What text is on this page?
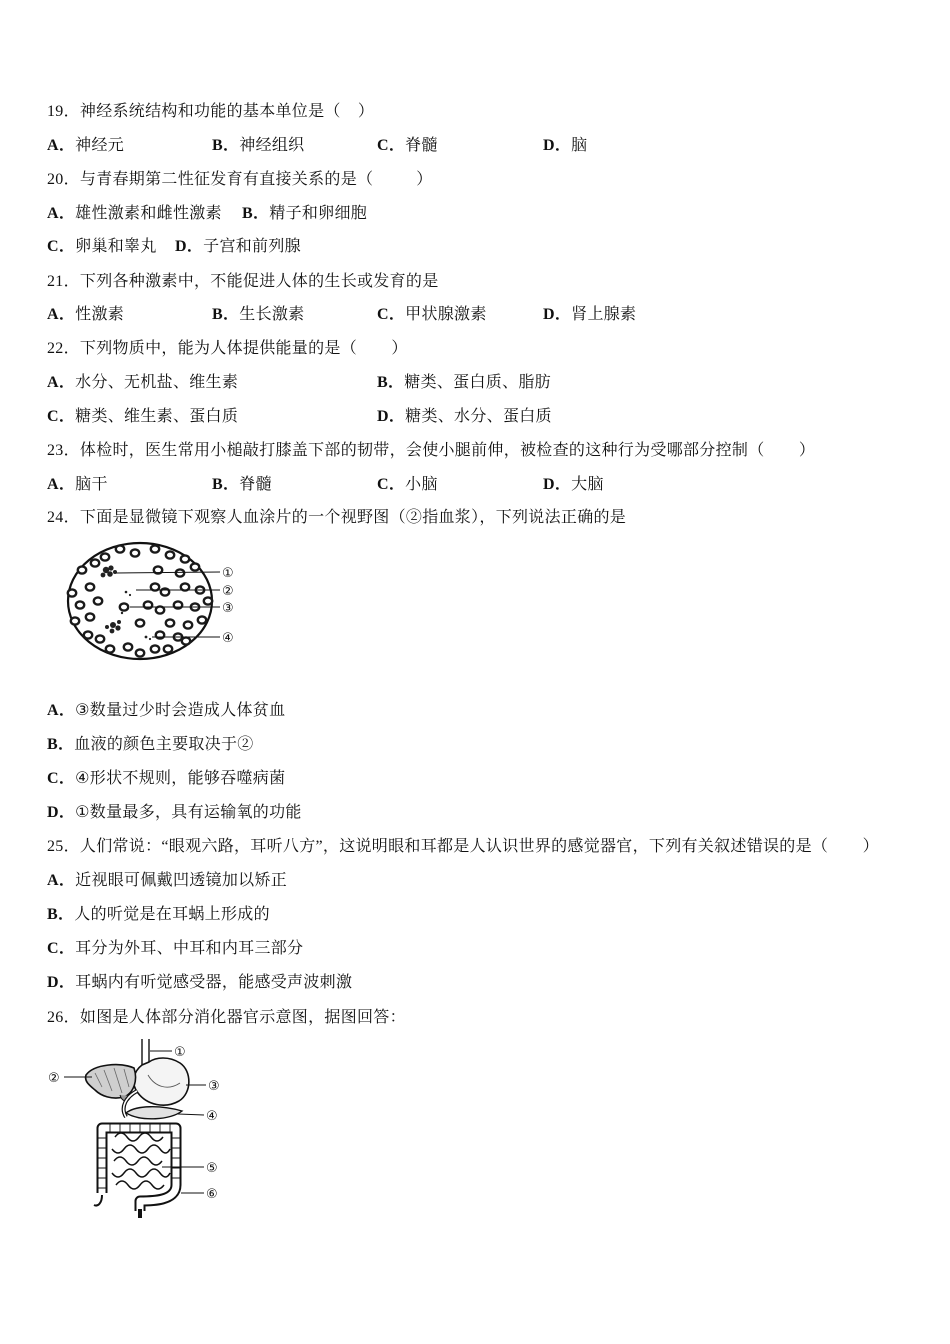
19．神经系统结构和功能的基本单位是（    ）
A．神经元	B．神经组织	C．脊髓	D．脑
20．与青春期第二性征发育有直接关系的是（          ）
A．雄性激素和雌性激素 B．精子和卵细胞
C．卵巢和睾丸 D．子宫和前列腺
21．下列各种激素中，不能促进人体的生长或发育的是
A．性激素	B．生长激素	C．甲状腺激素	D．肾上腺素
22．下列物质中，能为人体提供能量的是（        ）
A．水分、无机盐、维生素	B．糖类、蛋白质、脂肪
C．糖类、维生素、蛋白质	D．糖类、水分、蛋白质
23．体检时，医生常用小槌敲打膝盖下部的韧带，会使小腿前伸，被检查的这种行为受哪部分控制（        ）
A．脑干	B．脊髓	C．小脑	D．大脑
24．下面是显微镜下观察人血涂片的一个视野图（②指血浆），下列说法正确的是
①
②
③
④
A．③数量过少时会造成人体贫血
B．血液的颜色主要取决于②
C．④形状不规则，能够吞噬病菌
D．①数量最多，具有运输氧的功能
25．人们常说：“眼观六路，耳听八方”，这说明眼和耳都是人认识世界的感觉器官，下列有关叙述错误的是（        ）
A．近视眼可佩戴凹透镜加以矫正
B．人的听觉是在耳蜗上形成的
C．耳分为外耳、中耳和内耳三部分
D．耳蜗内有听觉感受器，能感受声波刺激
26．如图是人体部分消化器官示意图，据图回答：
①
②
③
④
⑤
⑥
